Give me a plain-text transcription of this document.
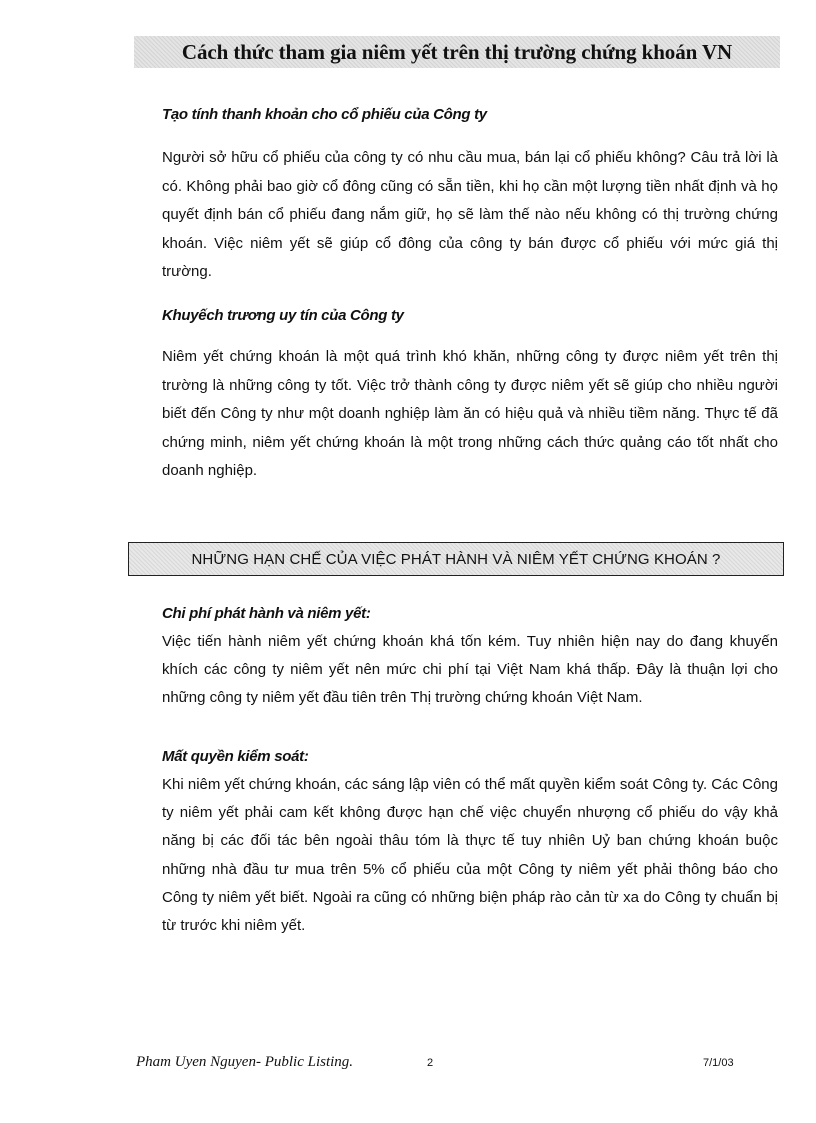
Cách thức tham gia niêm yết trên thị trường chứng khoán VN
Tạo tính thanh khoản cho cổ phiếu của Công ty

Người sở hữu cổ phiếu của công ty có nhu cầu mua, bán lại cổ phiếu không? Câu trả lời là có. Không phải bao giờ cổ đông cũng có sẵn tiền, khi họ cần một lượng tiền nhất định và họ quyết định bán cổ phiếu đang nắm giữ, họ sẽ làm thế nào nếu không có thị trường chứng khoán. Việc niêm yết sẽ giúp cổ đông của công ty bán được cổ phiếu với mức giá thị trường.

Khuyếch trương uy tín của Công ty

Niêm yết chứng khoán là một quá trình khó khăn, những công ty được niêm yết trên thị trường là những công ty tốt. Việc trở thành công ty được niêm yết sẽ giúp cho nhiều người biết đến Công ty như một doanh nghiệp làm ăn có hiệu quả và nhiều tiềm năng. Thực tế đã chứng minh, niêm yết chứng khoán là một trong những cách thức quảng cáo tốt nhất cho doanh nghiệp.

NHỮNG HẠN CHẾ CỦA VIỆC PHÁT HÀNH VÀ NIÊM YẾT CHỨNG KHOÁN ?
Chi phí phát hành và niêm yết:

Việc tiến hành niêm yết chứng khoán khá tốn kém. Tuy nhiên hiện nay do đang khuyến khích các công ty niêm yết nên mức chi phí tại Việt Nam khá thấp. Đây là thuận lợi cho những công ty niêm yết đầu tiên trên Thị trường chứng khoán Việt Nam.

Mất quyền kiểm soát:

Khi niêm yết chứng khoán, các sáng lập viên có thể mất quyền kiểm soát Công ty. Các Công ty niêm yết phải cam kết không được hạn chế việc chuyển nhượng cổ phiếu do vậy khả năng bị các đối tác bên ngoài thâu tóm là thực tế tuy nhiên Uỷ ban chứng khoán buộc những nhà đầu tư mua trên 5% cổ phiếu của một Công ty niêm yết phải thông báo cho Công ty niêm yết biết. Ngoài ra cũng có những biện pháp rào cản từ xa do Công ty chuẩn bị từ trước khi niêm yết.

Pham Uyen Nguyen- Public Listing.	2	7/1/03
